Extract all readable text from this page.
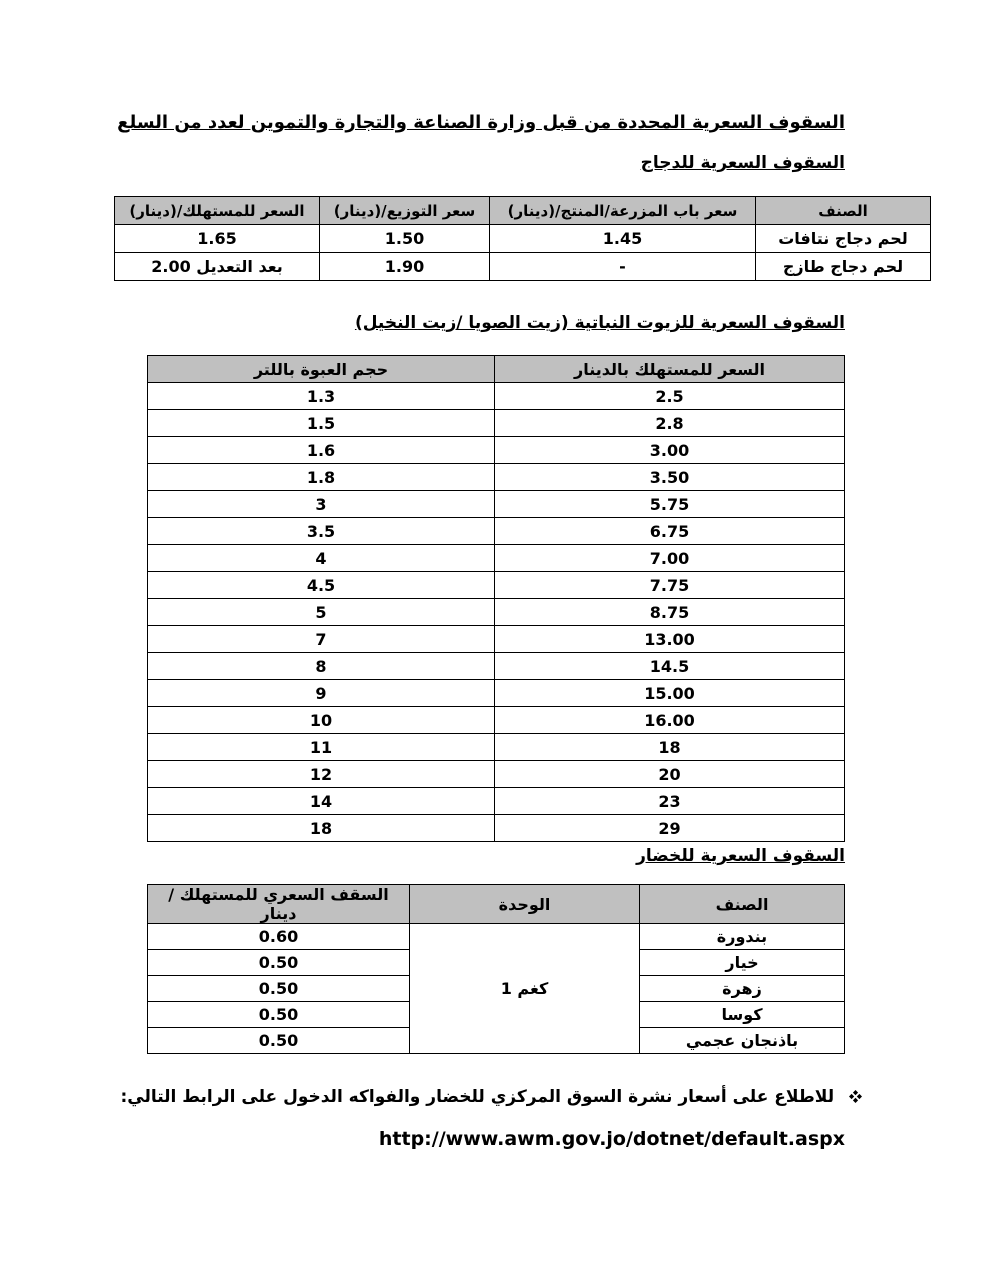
السقوف السعرية المحددة من قبل وزارة الصناعة والتجارة والتموين لعدد من السلع
السقوف السعرية للدجاج
الصنف	سعر باب المزرعة/المنتج/(دينار)	سعر التوزيع/(دينار)	السعر للمستهلك/(دينار)
لحم دجاج نتافات	1.45	1.50	1.65
لحم دجاج طازج	-	1.90	2.00 بعد التعديل
السقوف السعرية للزيوت النباتية (زيت الصويا /زيت النخيل)
السعر للمستهلك بالدينار	حجم العبوة باللتر
2.5	1.3
2.8	1.5
3.00	1.6
3.50	1.8
5.75	3
6.75	3.5
7.00	4
7.75	4.5
8.75	5
13.00	7
14.5	8
15.00	9
16.00	10
18	11
20	12
23	14
29	18
السقوف السعرية للخضار
الصنف	الوحدة	السقف السعري للمستهلك /دينار
بندورة	1 كغم	0.60
خيار		0.50
زهرة		0.50
كوسا		0.50
باذنجان عجمي		0.50
للاطلاع على أسعار نشرة السوق المركزي للخضار والفواكه الدخول على الرابط التالي:
http://www.awm.gov.jo/dotnet/default.aspx
